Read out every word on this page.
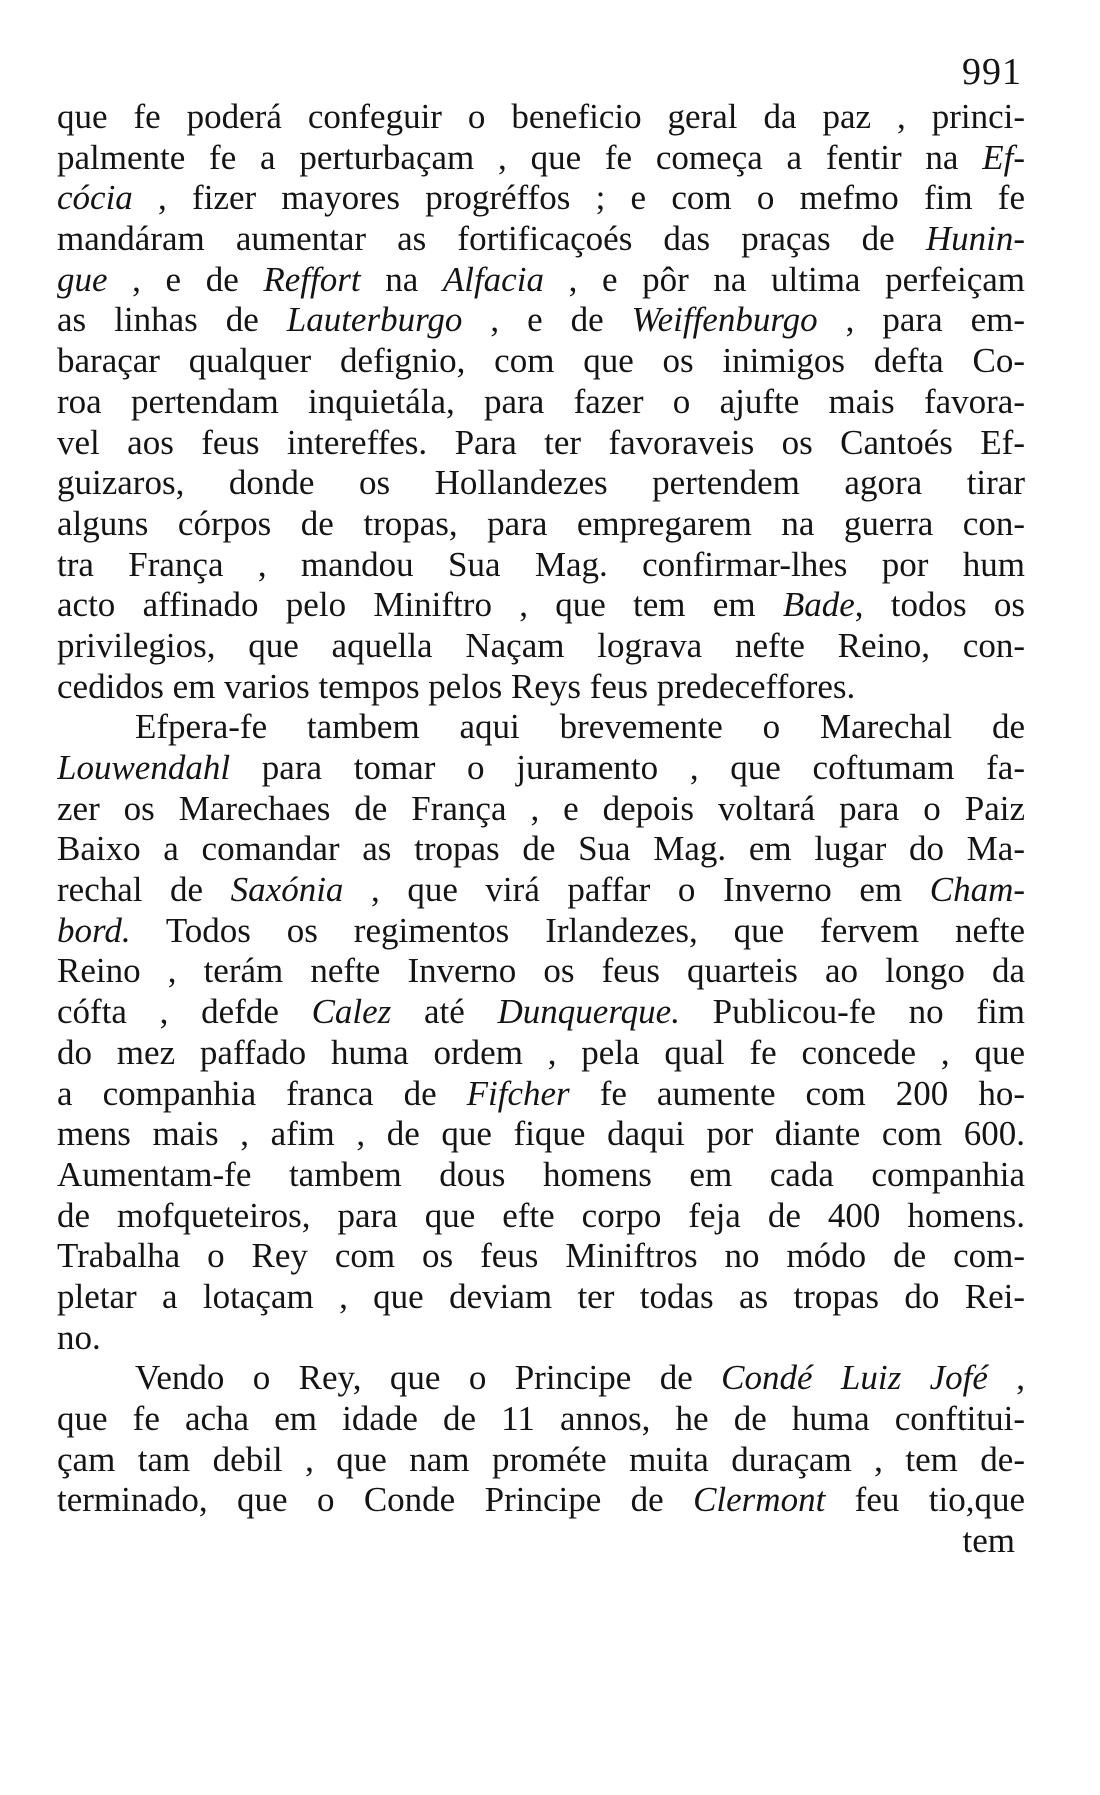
991
que fe poderá confeguir o beneficio geral da paz , princi-
palmente fe a perturbaçam , que fe começa a fentir na Ef-
cócia , fizer mayores progréffos ; e com o mefmo fim fe
mandáram aumentar as fortificaçoés das praças de Hunin-
gue , e de Reffort na Alfacia , e pôr na ultima perfeiçam
as linhas de Lauterburgo , e de Weiffenburgo , para em-
baraçar qualquer defignio, com que os inimigos defta Co-
roa pertendam inquietála, para fazer o ajufte mais favora-
vel aos feus intereffes. Para ter favoraveis os Cantoés Ef-
guizaros, donde os Hollandezes pertendem agora tirar
alguns córpos de tropas, para empregarem na guerra con-
tra França , mandou Sua Mag. confirmar-lhes por hum
acto affinado pelo Miniftro , que tem em Bade, todos os
privilegios, que aquella Naçam lograva nefte Reino, con-
cedidos em varios tempos pelos Reys feus predeceffores.
Efpera-fe tambem aqui brevemente o Marechal de
Louwendahl para tomar o juramento , que coftumam fa-
zer os Marechaes de França , e depois voltará para o Paiz
Baixo a comandar as tropas de Sua Mag. em lugar do Ma-
rechal de Saxónia , que virá paffar o Inverno em Cham-
bord. Todos os regimentos Irlandezes, que fervem nefte
Reino , terám nefte Inverno os feus quarteis ao longo da
cófta , defde Calez até Dunquerque. Publicou-fe no fim
do mez paffado huma ordem , pela qual fe concede , que
a companhia franca de Fifcher fe aumente com 200 ho-
mens mais , afim , de que fique daqui por diante com 600.
Aumentam-fe tambem dous homens em cada companhia
de mofqueteiros, para que efte corpo feja de 400 homens.
Trabalha o Rey com os feus Miniftros no módo de com-
pletar a lotaçam , que deviam ter todas as tropas do Rei-
no.
Vendo o Rey, que o Principe de Condé Luiz Jofé ,
que fe acha em idade de 11 annos, he de huma conftitui-
çam tam debil , que nam prométe muita duraçam , tem de-
terminado, que o Conde Principe de Clermont feu tio,que
tem
